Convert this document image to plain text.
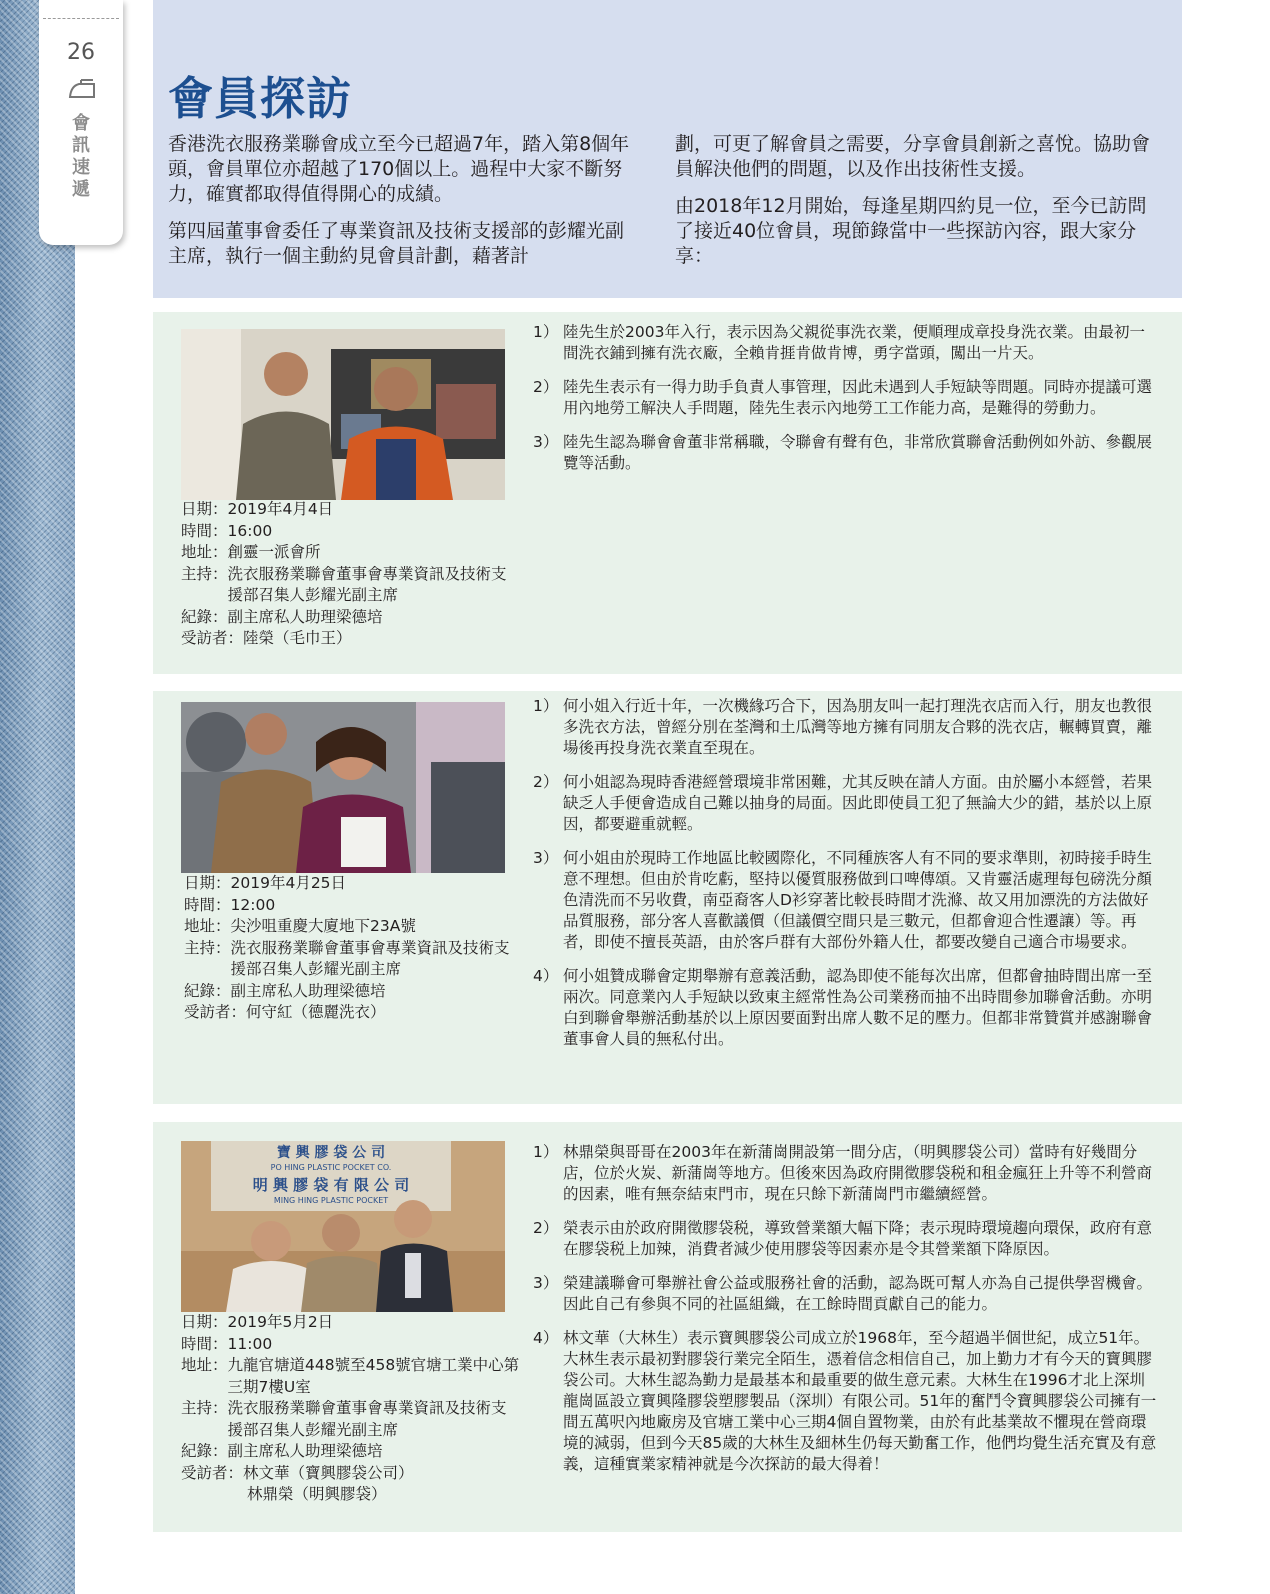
26
會訊速遞
會員探訪

香港洗衣服務業聯會成立至今已超過7年，踏入第8個年頭，會員單位亦超越了170個以上。過程中大家不斷努力，確實都取得值得開心的成績。

第四屆董事會委任了專業資訊及技術支援部的彭耀光副主席，執行一個主動約見會員計劃，藉著計

劃，可更了解會員之需要，分享會員創新之喜悅。協助會員解決他們的問題，以及作出技術性支援。

由2018年12月開始，每逢星期四約見一位，至今已訪問了接近40位會員，現節錄當中一些探訪內容，跟大家分享：

日期： 2019年4月4日
時間： 16:00
地址： 創靈一派會所
主持： 洗衣服務業聯會董事會專業資訊及技術支援部召集人彭耀光副主席
紀錄： 副主席私人助理梁德培
受訪者： 陸榮（毛巾王）
1） 陸先生於2003年入行，表示因為父親從事洗衣業，便順理成章投身洗衣業。由最初一間洗衣鋪到擁有洗衣廠，全賴肯捱肯做肯博，勇字當頭，闖出一片天。
2） 陸先生表示有一得力助手負責人事管理，因此未遇到人手短缺等問題。同時亦提議可選用內地勞工解決人手問題，陸先生表示內地勞工工作能力高，是難得的勞動力。
3） 陸先生認為聯會會董非常稱職，令聯會有聲有色，非常欣賞聯會活動例如外訪、參觀展覽等活動。
日期： 2019年4月25日
時間： 12:00
地址： 尖沙咀重慶大廈地下23A號
主持： 洗衣服務業聯會董事會專業資訊及技術支援部召集人彭耀光副主席
紀錄： 副主席私人助理梁德培
受訪者： 何守紅（德麗洗衣）
1） 何小姐入行近十年，一次機緣巧合下，因為朋友叫一起打理洗衣店而入行，朋友也教很多洗衣方法，曾經分別在荃灣和土瓜灣等地方擁有同朋友合夥的洗衣店，輾轉買賣，離場後再投身洗衣業直至現在。
2） 何小姐認為現時香港經營環境非常困難，尤其反映在請人方面。由於屬小本經營，若果缺乏人手便會造成自己難以抽身的局面。因此即使員工犯了無論大少的錯，基於以上原因，都要避重就輕。
3） 何小姐由於現時工作地區比較國際化，不同種族客人有不同的要求準則，初時接手時生意不理想。但由於肯吃虧，堅持以優質服務做到口啤傳頌。又肯靈活處理每包磅洗分顏色清洗而不另收費，南亞裔客人D衫穿著比較長時間才洗滌、故又用加漂洗的方法做好品質服務，部分客人喜歡議價（但議價空間只是三數元，但都會迎合性遷讓）等。再者，即使不擅長英語，由於客戶群有大部份外籍人仕，都要改變自己適合市場要求。
4） 何小姐贊成聯會定期舉辦有意義活動，認為即使不能每次出席，但都會抽時間出席一至兩次。同意業內人手短缺以致東主經常性為公司業務而抽不出時間參加聯會活動。亦明白到聯會舉辦活動基於以上原因要面對出席人數不足的壓力。但都非常贊賞并感謝聯會董事會人員的無私付出。
寶 興 膠 袋 公 司
PO HING PLASTIC POCKET CO.
明 興 膠 袋 有 限 公 司
MING HING PLASTIC POCKET
日期： 2019年5月2日
時間： 11:00
地址： 九龍官塘道448號至458號官塘工業中心第三期7樓U室
主持： 洗衣服務業聯會董事會專業資訊及技術支援部召集人彭耀光副主席
紀錄： 副主席私人助理梁德培
受訪者： 林文華（寶興膠袋公司）
林鼎榮（明興膠袋）
1） 林鼎榮與哥哥在2003年在新蒲崗開設第一間分店，（明興膠袋公司）當時有好幾間分店，位於火炭、新蒲崗等地方。但後來因為政府開徵膠袋税和租金瘋狂上升等不利營商的因素，唯有無奈結束門市，現在只餘下新蒲崗門市繼續經營。
2） 榮表示由於政府開徵膠袋税，導致營業額大幅下降；表示現時環境趨向環保，政府有意在膠袋税上加辣，消費者減少使用膠袋等因素亦是令其營業額下降原因。
3） 榮建議聯會可舉辦社會公益或服務社會的活動，認為既可幫人亦為自己提供學習機會。因此自己有參與不同的社區組織，在工餘時間貢獻自己的能力。
4） 林文華（大林生）表示寶興膠袋公司成立於1968年，至今超過半個世紀，成立51年。大林生表示最初對膠袋行業完全陌生，憑着信念相信自己，加上勤力才有今天的寶興膠袋公司。大林生認為勤力是最基本和最重要的做生意元素。大林生在1996才北上深圳龍崗區設立寶興隆膠袋塑膠製品（深圳）有限公司。51年的奮鬥令寶興膠袋公司擁有一間五萬呎內地廠房及官塘工業中心三期4個自置物業，由於有此基業故不懼現在營商環境的減弱，但到今天85歲的大林生及細林生仍每天勤奮工作，他們均覺生活充實及有意義，這種實業家精神就是今次探訪的最大得着！
